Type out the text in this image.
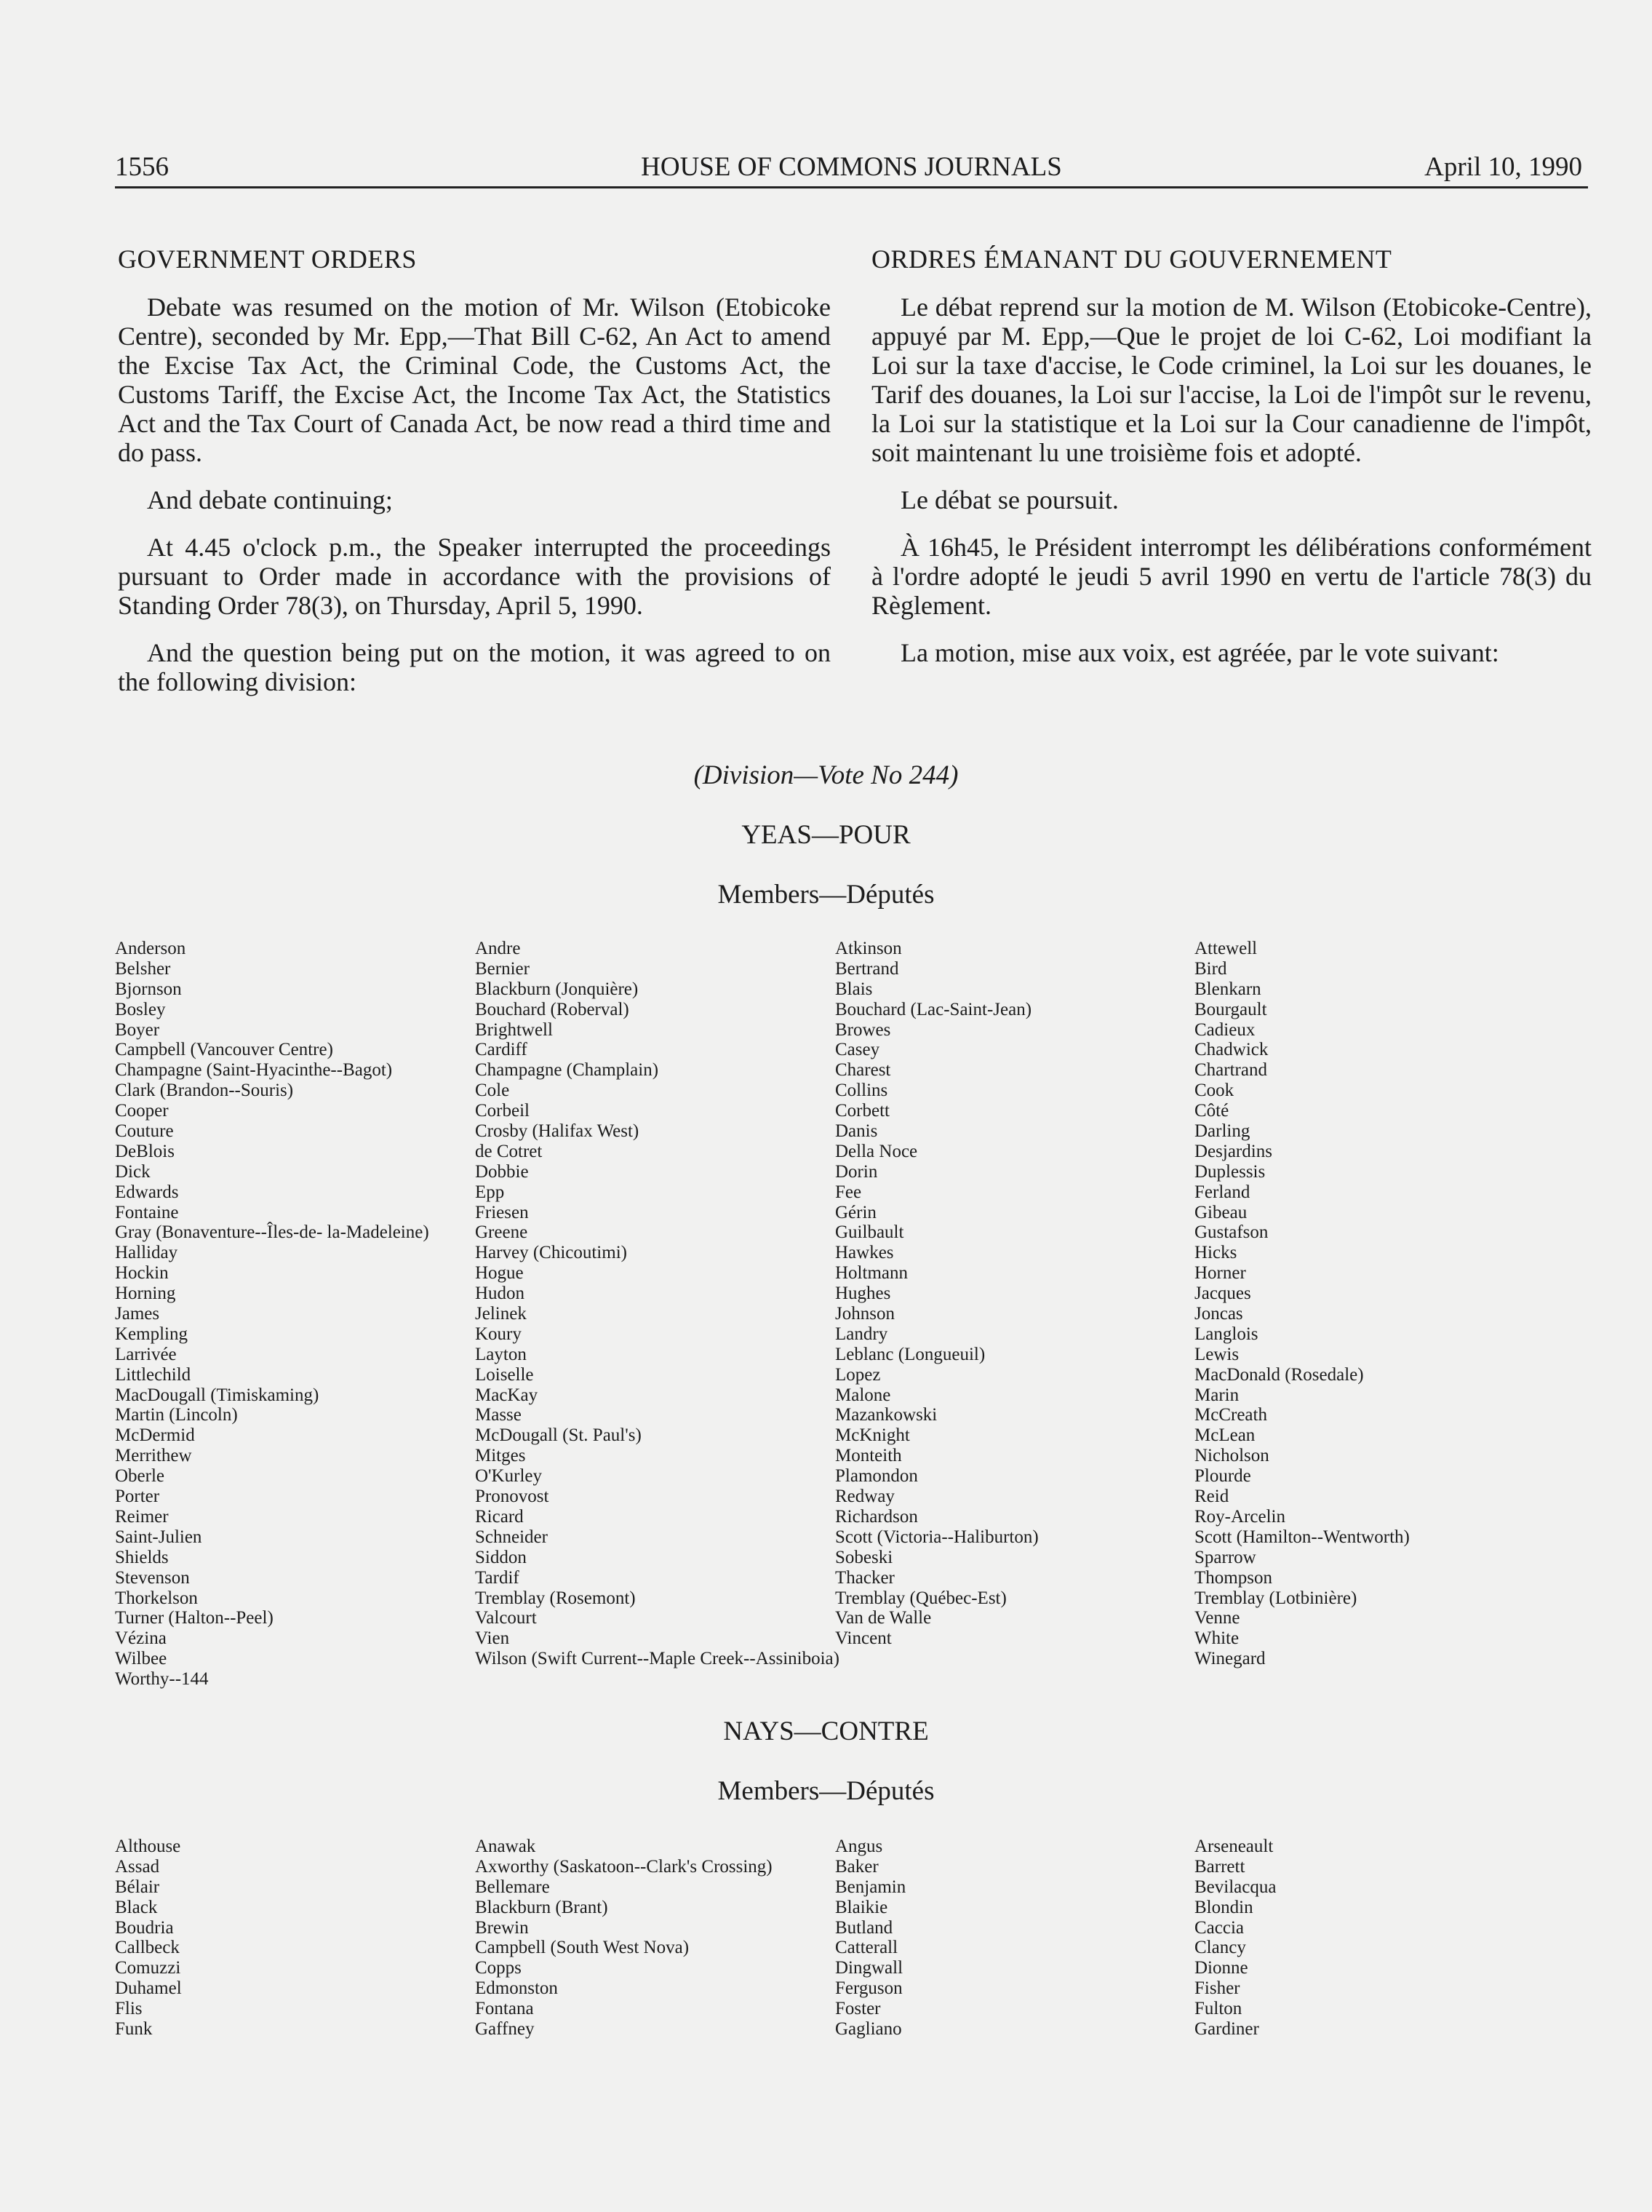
1556	HOUSE OF COMMONS JOURNALS	April 10, 1990
GOVERNMENT ORDERS

Debate was resumed on the motion of Mr. Wilson (Etobicoke Centre), seconded by Mr. Epp,—That Bill C-62, An Act to amend the Excise Tax Act, the Criminal Code, the Customs Act, the Customs Tariff, the Excise Act, the Income Tax Act, the Statistics Act and the Tax Court of Canada Act, be now read a third time and do pass.

And debate continuing;

At 4.45 o'clock p.m., the Speaker interrupted the proceedings pursuant to Order made in accordance with the provisions of Standing Order 78(3), on Thursday, April 5, 1990.

And the question being put on the motion, it was agreed to on the following division:

ORDRES ÉMANANT DU GOUVERNEMENT

Le débat reprend sur la motion de M. Wilson (Etobicoke-Centre), appuyé par M. Epp,—Que le projet de loi C-62, Loi modifiant la Loi sur la taxe d'accise, le Code criminel, la Loi sur les douanes, le Tarif des douanes, la Loi sur l'accise, la Loi de l'impôt sur le revenu, la Loi sur la statistique et la Loi sur la Cour canadienne de l'impôt, soit maintenant lu une troisième fois et adopté.

Le débat se poursuit.

À 16h45, le Président interrompt les délibérations conformément à l'ordre adopté le jeudi 5 avril 1990 en vertu de l'article 78(3) du Règlement.

La motion, mise aux voix, est agréée, par le vote suivant:

(Division—Vote No 244)
YEAS—POUR
Members—Députés
Anderson
Belsher
Bjornson
Bosley
Boyer
Campbell (Vancouver Centre)
Champagne (Saint-Hyacinthe--Bagot)
Clark (Brandon--Souris)
Cooper
Couture
DeBlois
Dick
Edwards
Fontaine
Gray (Bonaventure--Îles-de- la-Madeleine)
Halliday
Hockin
Horning
James
Kempling
Larrivée
Littlechild
MacDougall (Timiskaming)
Martin (Lincoln)
McDermid
Merrithew
Oberle
Porter
Reimer
Saint-Julien
Shields
Stevenson
Thorkelson
Turner (Halton--Peel)
Vézina
Wilbee
Worthy--144
Andre
Bernier
Blackburn (Jonquière)
Bouchard (Roberval)
Brightwell
Cardiff
Champagne (Champlain)
Cole
Corbeil
Crosby (Halifax West)
de Cotret
Dobbie
Epp
Friesen
Greene
Harvey (Chicoutimi)
Hogue
Hudon
Jelinek
Koury
Layton
Loiselle
MacKay
Masse
McDougall (St. Paul's)
Mitges
O'Kurley
Pronovost
Ricard
Schneider
Siddon
Tardif
Tremblay (Rosemont)
Valcourt
Vien
Wilson (Swift Current--Maple Creek--Assiniboia)
Atkinson
Bertrand
Blais
Bouchard (Lac-Saint-Jean)
Browes
Casey
Charest
Collins
Corbett
Danis
Della Noce
Dorin
Fee
Gérin
Guilbault
Hawkes
Holtmann
Hughes
Johnson
Landry
Leblanc (Longueuil)
Lopez
Malone
Mazankowski
McKnight
Monteith
Plamondon
Redway
Richardson
Scott (Victoria--Haliburton)
Sobeski
Thacker
Tremblay (Québec-Est)
Van de Walle
Vincent
Attewell
Bird
Blenkarn
Bourgault
Cadieux
Chadwick
Chartrand
Cook
Côté
Darling
Desjardins
Duplessis
Ferland
Gibeau
Gustafson
Hicks
Horner
Jacques
Joncas
Langlois
Lewis
MacDonald (Rosedale)
Marin
McCreath
McLean
Nicholson
Plourde
Reid
Roy-Arcelin
Scott (Hamilton--Wentworth)
Sparrow
Thompson
Tremblay (Lotbinière)
Venne
White
Winegard
NAYS—CONTRE
Members—Députés
Althouse
Assad
Bélair
Black
Boudria
Callbeck
Comuzzi
Duhamel
Flis
Funk
Anawak
Axworthy (Saskatoon--Clark's Crossing)
Bellemare
Blackburn (Brant)
Brewin
Campbell (South West Nova)
Copps
Edmonston
Fontana
Gaffney
Angus
Baker
Benjamin
Blaikie
Butland
Catterall
Dingwall
Ferguson
Foster
Gagliano
Arseneault
Barrett
Bevilacqua
Blondin
Caccia
Clancy
Dionne
Fisher
Fulton
Gardiner
